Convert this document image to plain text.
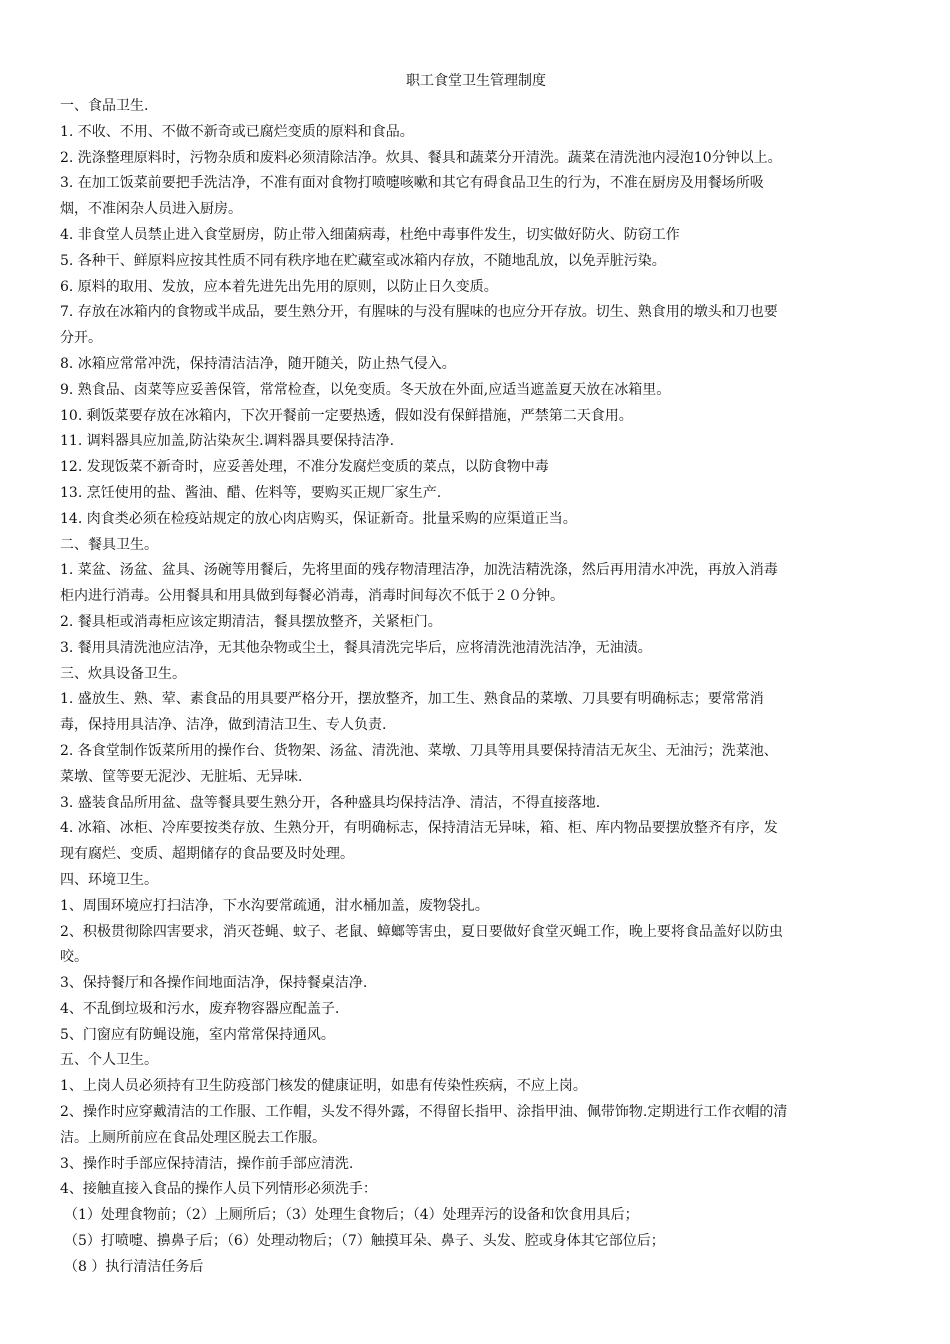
职工食堂卫生管理制度
一、食品卫生.
1. 不收、不用、不做不新奇或已腐烂变质的原料和食品。
2. 洗涤整理原料时，污物杂质和废料必须清除洁净。炊具、餐具和蔬菜分开清洗。蔬菜在清洗池内浸泡10分钟以上。
3. 在加工饭菜前要把手洗洁净，不准有面对食物打喷嚏咳嗽和其它有碍食品卫生的行为，不准在厨房及用餐场所吸
烟，不准闲杂人员进入厨房。
4. 非食堂人员禁止进入食堂厨房，防止带入细菌病毒，杜绝中毒事件发生，切实做好防火、防窃工作
5. 各种干、鲜原料应按其性质不同有秩序地在贮藏室或冰箱内存放，不随地乱放，以免弄脏污染。
6. 原料的取用、发放，应本着先进先出先用的原则，以防止日久变质。
7. 存放在冰箱内的食物或半成品，要生熟分开，有腥味的与没有腥味的也应分开存放。切生、熟食用的墩头和刀也要
分开。
8. 冰箱应常常冲洗，保持清洁洁净，随开随关，防止热气侵入。
9. 熟食品、卤菜等应妥善保管，常常检查，以免变质。冬天放在外面,应适当遮盖夏天放在冰箱里。
10. 剩饭菜要存放在冰箱内，下次开餐前一定要热透，假如没有保鲜措施，严禁第二天食用。
11. 调料器具应加盖,防沾染灰尘.调料器具要保持洁净.
12. 发现饭菜不新奇时，应妥善处理，不准分发腐烂变质的菜点，以防食物中毒
13. 烹饪使用的盐、酱油、醋、佐料等，要购买正规厂家生产.
14. 肉食类必须在检疫站规定的放心肉店购买，保证新奇。批量采购的应渠道正当。
二、餐具卫生。
1. 菜盆、汤盆、盆具、汤碗等用餐后，先将里面的残存物清理洁净，加洗洁精洗涤，然后再用清水冲洗，再放入消毒
柜内进行消毒。公用餐具和用具做到每餐必消毒，消毒时间每次不低于２０分钟。
2. 餐具柜或消毒柜应该定期清洁，餐具摆放整齐，关紧柜门。
3. 餐用具清洗池应洁净，无其他杂物或尘土，餐具清洗完毕后，应将清洗池清洗洁净，无油渍。
三、炊具设备卫生。
1. 盛放生、熟、荤、素食品的用具要严格分开，摆放整齐，加工生、熟食品的菜墩、刀具要有明确标志；要常常消
毒，保持用具洁净、洁净，做到清洁卫生、专人负责.
2. 各食堂制作饭菜所用的操作台、货物架、汤盆、清洗池、菜墩、刀具等用具要保持清洁无灰尘、无油污；洗菜池、
菜墩、筐等要无泥沙、无脏垢、无异味.
3. 盛装食品所用盆、盘等餐具要生熟分开，各种盛具均保持洁净、清洁，不得直接落地.
4. 冰箱、冰柜、冷库要按类存放、生熟分开，有明确标志，保持清洁无异味，箱、柜、库内物品要摆放整齐有序，发
现有腐烂、变质、超期储存的食品要及时处理。
四、环境卫生。
1、周围环境应打扫洁净，下水沟要常疏通，泔水桶加盖，废物袋扎。
2、积极贯彻除四害要求，消灭苍蝇、蚊子、老鼠、蟑螂等害虫，夏日要做好食堂灭蝇工作，晚上要将食品盖好以防虫
咬。
3、保持餐厅和各操作间地面洁净，保持餐桌洁净.
4、不乱倒垃圾和污水，废弃物容器应配盖子.
5、门窗应有防蝇设施，室内常常保持通风。
五、个人卫生。
1、上岗人员必须持有卫生防疫部门核发的健康证明，如患有传染性疾病，不应上岗。
2、操作时应穿戴清洁的工作服、工作帽，头发不得外露，不得留长指甲、涂指甲油、佩带饰物.定期进行工作衣帽的清
洁。上厕所前应在食品处理区脱去工作服。
3、操作时手部应保持清洁，操作前手部应清洗.
4、接触直接入食品的操作人员下列情形必须洗手：
（1）处理食物前；（2）上厕所后；（3）处理生食物后；（4）处理弄污的设备和饮食用具后；
（5）打喷嚏、擤鼻子后；（6）处理动物后；（7）触摸耳朵、鼻子、头发、腔或身体其它部位后；
（8 ）执行清洁任务后
